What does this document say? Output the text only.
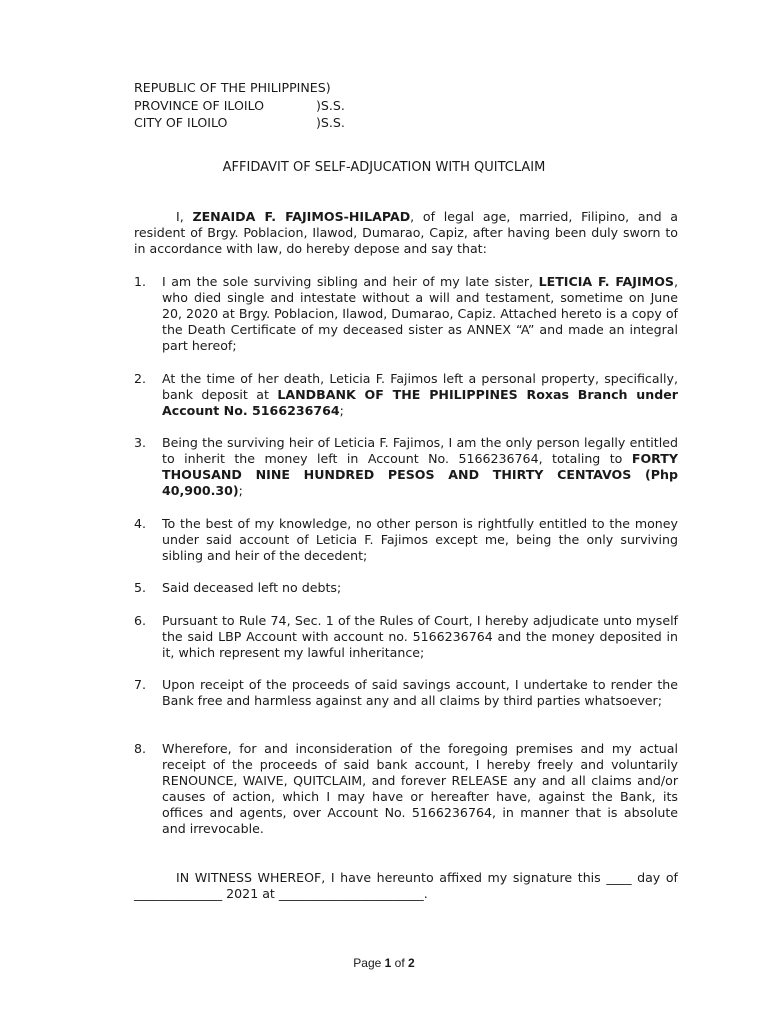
REPUBLIC OF THE PHILIPPINES)
PROVINCE OF ILOILO	)S.S.
CITY OF ILOILO	)S.S.
AFFIDAVIT OF SELF-ADJUCATION WITH QUITCLAIM
I, ZENAIDA F. FAJIMOS-HILAPAD, of legal age, married, Filipino, and a resident of Brgy. Poblacion, Ilawod, Dumarao, Capiz, after having been duly sworn to in accordance with law, do hereby depose and say that:
1.	I am the sole surviving sibling and heir of my late sister, LETICIA F. FAJIMOS, who died single and intestate without a will and testament, sometime on June 20, 2020 at Brgy. Poblacion, Ilawod, Dumarao, Capiz. Attached hereto is a copy of the Death Certificate of my deceased sister as ANNEX “A” and made an integral part hereof;
2.	At the time of her death, Leticia F. Fajimos left a personal property, specifically, bank deposit at LANDBANK OF THE PHILIPPINES Roxas Branch under Account No. 5166236764;
3.	Being the surviving heir of Leticia F. Fajimos, I am the only person legally entitled to inherit the money left in Account No. 5166236764, totaling to FORTY THOUSAND NINE HUNDRED PESOS AND THIRTY CENTAVOS (Php 40,900.30);
4.	To the best of my knowledge, no other person is rightfully entitled to the money under said account of Leticia F. Fajimos except me, being the only surviving sibling and heir of the decedent;
5.	Said deceased left no debts;
6.	Pursuant to Rule 74, Sec. 1 of the Rules of Court, I hereby adjudicate unto myself the said LBP Account with account no. 5166236764 and the money deposited in it, which represent my lawful inheritance;
7.	Upon receipt of the proceeds of said savings account, I undertake to render the Bank free and harmless against any and all claims by third parties whatsoever;
8.	Wherefore, for and inconsideration of the foregoing premises and my actual receipt of the proceeds of said bank account, I hereby freely and voluntarily RENOUNCE, WAIVE, QUITCLAIM, and forever RELEASE any and all claims and/or causes of action, which I may have or hereafter have, against the Bank, its offices and agents, over Account No. 5166236764, in manner that is absolute and irrevocable.
IN WITNESS WHEREOF, I have hereunto affixed my signature this ____ day of ______________ 2021 at _______________________.
Page 1 of 2
